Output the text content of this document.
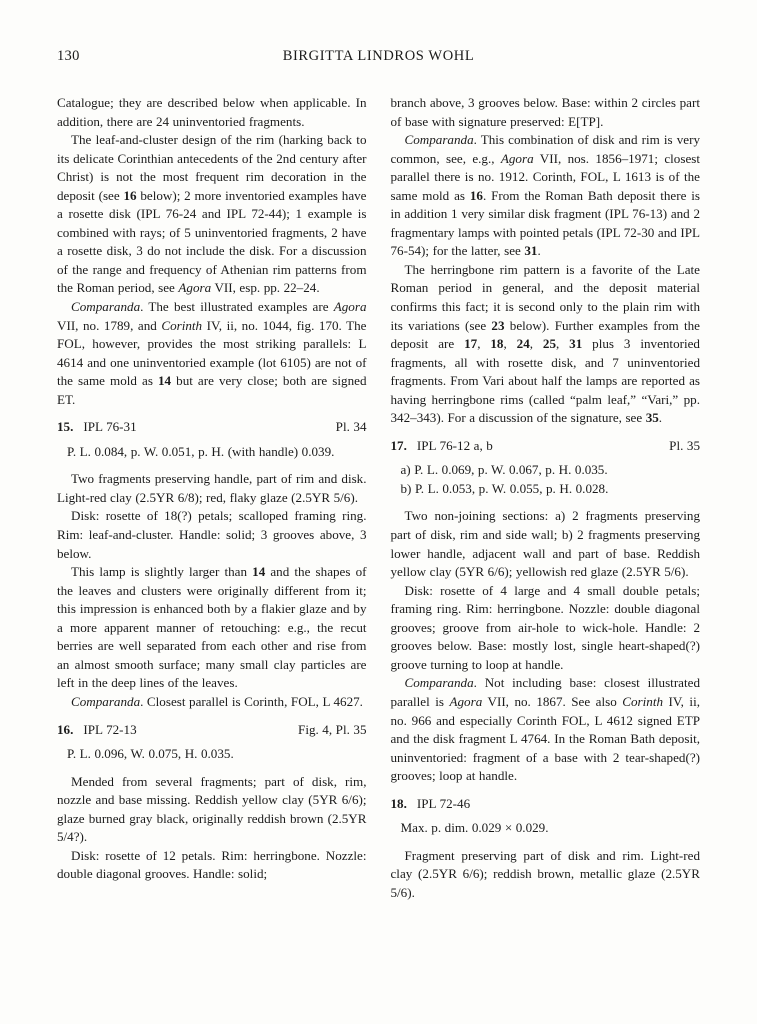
130	BIRGITTA LINDROS WOHL

Catalogue; they are described below when applicable. In addition, there are 24 uninventoried fragments.

The leaf-and-cluster design of the rim (harking back to its delicate Corinthian antecedents of the 2nd century after Christ) is not the most frequent rim decoration in the deposit (see 16 below); 2 more inventoried examples have a rosette disk (IPL 76-24 and IPL 72-44); 1 example is combined with rays; of 5 uninventoried fragments, 2 have a rosette disk, 3 do not include the disk. For a discussion of the range and frequency of Athenian rim patterns from the Roman period, see Agora VII, esp. pp. 22–24.

Comparanda. The best illustrated examples are Agora VII, no. 1789, and Corinth IV, ii, no. 1044, fig. 170. The FOL, however, provides the most striking parallels: L 4614 and one uninventoried example (lot 6105) are not of the same mold as 14 but are very close; both are signed ΕΤ.

15. IPL 76-31	Pl. 34
P. L. 0.084, p. W. 0.051, p. H. (with handle) 0.039.

Two fragments preserving handle, part of rim and disk. Light-red clay (2.5YR 6/8); red, flaky glaze (2.5YR 5/6).

Disk: rosette of 18(?) petals; scalloped framing ring. Rim: leaf-and-cluster. Handle: solid; 3 grooves above, 3 below.

This lamp is slightly larger than 14 and the shapes of the leaves and clusters were originally different from it; this impression is enhanced both by a flakier glaze and by a more apparent manner of retouching: e.g., the recut berries are well separated from each other and rise from an almost smooth surface; many small clay particles are left in the deep lines of the leaves.

Comparanda. Closest parallel is Corinth, FOL, L 4627.

16. IPL 72-13	Fig. 4, Pl. 35
P. L. 0.096, W. 0.075, H. 0.035.

Mended from several fragments; part of disk, rim, nozzle and base missing. Reddish yellow clay (5YR 6/6); glaze burned gray black, originally reddish brown (2.5YR 5/4?).

Disk: rosette of 12 petals. Rim: herringbone. Nozzle: double diagonal grooves. Handle: solid;

branch above, 3 grooves below. Base: within 2 circles part of base with signature preserved: Ε[ΤΡ].

Comparanda. This combination of disk and rim is very common, see, e.g., Agora VII, nos. 1856–1971; closest parallel there is no. 1912. Corinth, FOL, L 1613 is of the same mold as 16. From the Roman Bath deposit there is in addition 1 very similar disk fragment (IPL 76-13) and 2 fragmentary lamps with pointed petals (IPL 72-30 and IPL 76-54); for the latter, see 31.

The herringbone rim pattern is a favorite of the Late Roman period in general, and the deposit material confirms this fact; it is second only to the plain rim with its variations (see 23 below). Further examples from the deposit are 17, 18, 24, 25, 31 plus 3 inventoried fragments, all with rosette disk, and 7 uninventoried fragments. From Vari about half the lamps are reported as having herringbone rims (called “palm leaf,” “Vari,” pp. 342–343). For a discussion of the signature, see 35.

17. IPL 76-12 a, b	Pl. 35
a) P. L. 0.069, p. W. 0.067, p. H. 0.035.
b) P. L. 0.053, p. W. 0.055, p. H. 0.028.

Two non-joining sections: a) 2 fragments preserving part of disk, rim and side wall; b) 2 fragments preserving lower handle, adjacent wall and part of base. Reddish yellow clay (5YR 6/6); yellowish red glaze (2.5YR 5/6).

Disk: rosette of 4 large and 4 small double petals; framing ring. Rim: herringbone. Nozzle: double diagonal grooves; groove from air-hole to wick-hole. Handle: 2 grooves below. Base: mostly lost, single heart-shaped(?) groove turning to loop at handle.

Comparanda. Not including base: closest illustrated parallel is Agora VII, no. 1867. See also Corinth IV, ii, no. 966 and especially Corinth FOL, L 4612 signed ΕΤΡ and the disk fragment L 4764. In the Roman Bath deposit, uninventoried: fragment of a base with 2 tear-shaped(?) grooves; loop at handle.

18. IPL 72-46
Max. p. dim. 0.029 × 0.029.

Fragment preserving part of disk and rim. Light-red clay (2.5YR 6/6); reddish brown, metallic glaze (2.5YR 5/6).
